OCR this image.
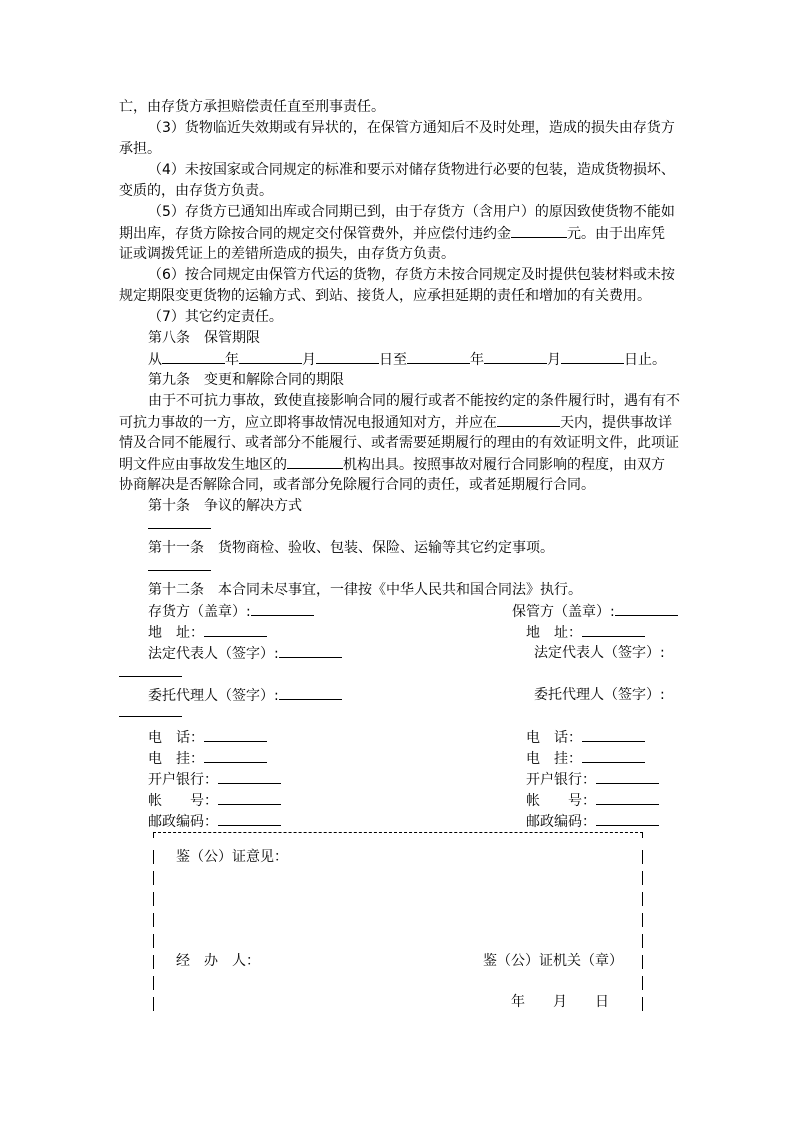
亡，由存货方承担赔偿责任直至刑事责任。
（3）货物临近失效期或有异状的，在保管方通知后不及时处理，造成的损失由存货方
承担。
（4）未按国家或合同规定的标准和要示对储存货物进行必要的包装，造成货物损坏、
变质的，由存货方负责。
（5）存货方已通知出库或合同期已到，由于存货方（含用户）的原因致使货物不能如
期出库，存货方除按合同的规定交付保管费外，并应偿付违约金	元。由于出库凭
证或调拨凭证上的差错所造成的损失，由存货方负责。
（6）按合同规定由保管方代运的货物，存货方未按合同规定及时提供包装材料或未按
规定期限变更货物的运输方式、到站、接货人，应承担延期的责任和增加的有关费用。
（7）其它约定责任。
第八条　保管期限
从	年	月	日至	年	月	日止。
第九条　变更和解除合同的期限
由于不可抗力事故，致使直接影响合同的履行或者不能按约定的条件履行时，遇有有不
可抗力事故的一方，应立即将事故情况电报通知对方，并应在	天内，提供事故详
情及合同不能履行、或者部分不能履行、或者需要延期履行的理由的有效证明文件，此项证
明文件应由事故发生地区的	机构出具。按照事故对履行合同影响的程度，由双方
协商解决是否解除合同，或者部分免除履行合同的责任，或者延期履行合同。
第十条　争议的解决方式
第十一条　货物商检、验收、包装、保险、运输等其它约定事项。
第十二条　本合同未尽事宜，一律按《中华人民共和国合同法》执行。
存货方（盖章）:	保管方（盖章）:
地　址：	地　址：
法定代表人（签字）:	法定代表人（签字）:
委托代理人（签字）:	委托代理人（签字）:
电　话：	电　话：
电　挂：	电　挂：
开户银行：	开户银行：
帐　　号：	帐　　号：
邮政编码：	邮政编码：
鉴（公）证意见：
经　办　人：	鉴（公）证机关（章）
年　　月　　日
